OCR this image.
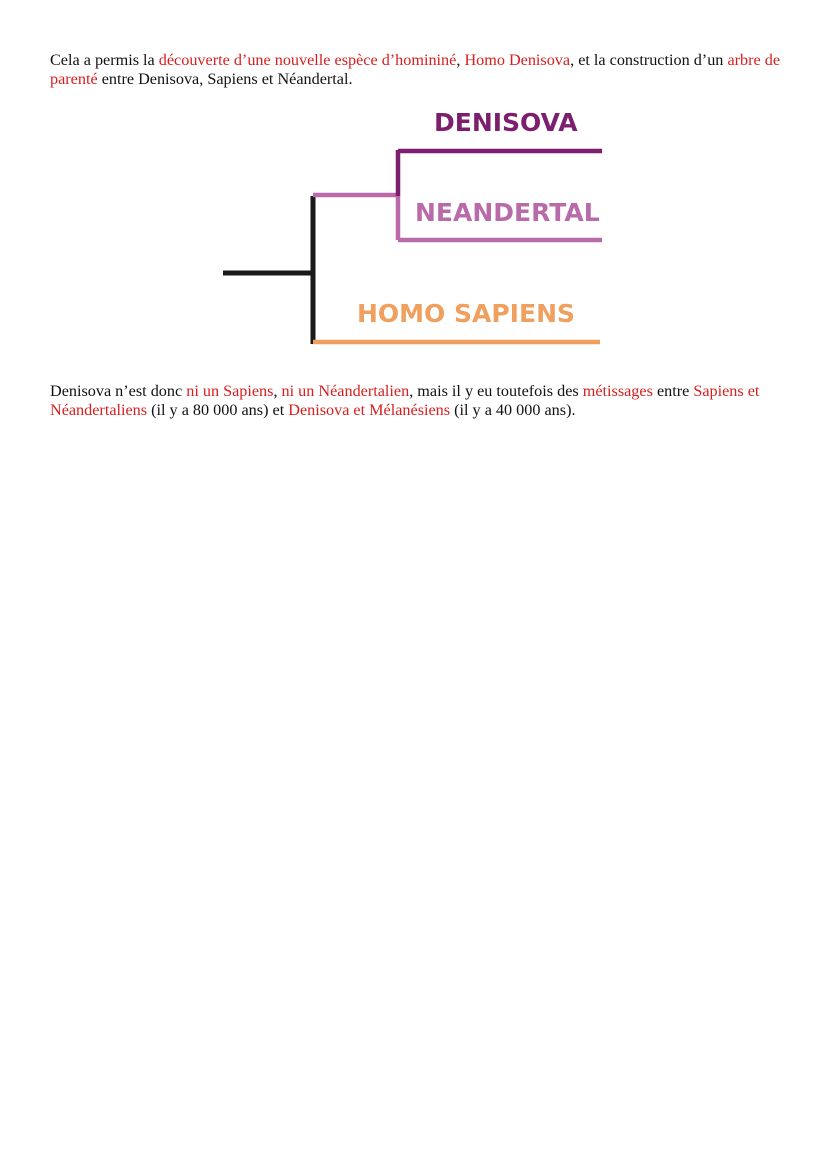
Cela a permis la découverte d’une nouvelle espèce d’homininé, Homo Denisova, et la construction d’un arbre de parenté entre Denisova, Sapiens et Néandertal.

DENISOVA
NEANDERTAL
HOMO SAPIENS

Denisova n’est donc ni un Sapiens, ni un Néandertalien, mais il y eu toutefois des métissages entre Sapiens et Néandertaliens (il y a 80 000 ans) et Denisova et Mélanésiens (il y a 40 000 ans).
